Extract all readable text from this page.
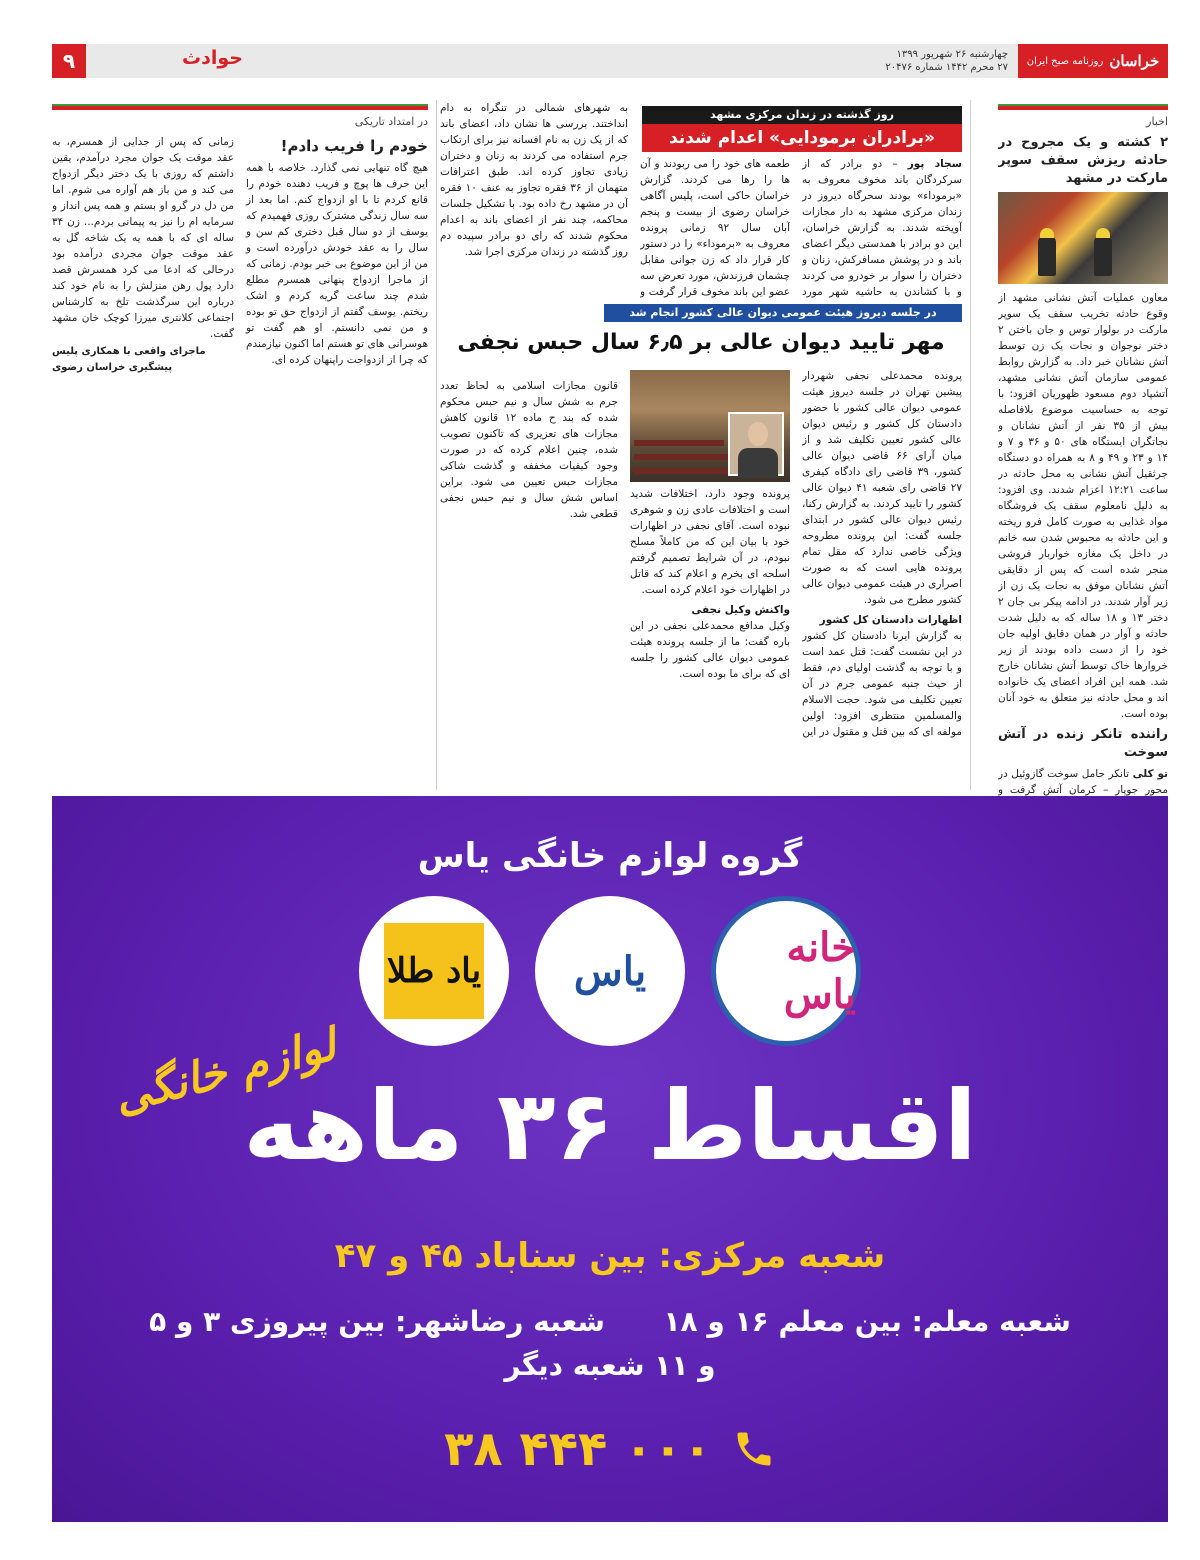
خراسان
روزنامه صبح ایران
چهارشنبه ۲۶ شهریور ۱۳۹۹
۲۷ محرم ۱۴۴۲ شماره ۲۰۴۷۶
حوادث
۹
اخبار
۲ کشته و یک مجروح در حادثه ریزش سقف سوپر مارکت در مشهد
معاون عملیات آتش نشانی مشهد از وقوع حادثه تخریب سقف یک سوپر مارکت در بولوار توس و جان باختن ۲ دختر نوجوان و نجات یک زن توسط آتش نشانان خبر داد. به گزارش روابط عمومی سازمان آتش نشانی مشهد، آتشپاد دوم مسعود ظهوریان افزود: با توجه به حساسیت موضوع بلافاصله بیش از ۳۵ نفر از آتش نشانان و نجاتگران ایستگاه های ۵۰ و ۳۶ و ۷ و ۱۴ و ۲۳ و ۴۹ و ۸ به همراه دو دستگاه جرثقیل آتش نشانی به محل حادثه در ساعت ۱۲:۲۱ اعزام شدند. وی افزود: به دلیل نامعلوم سقف یک فروشگاه مواد غذایی به صورت کامل فرو ریخته و این حادثه به محبوس شدن سه خانم در داخل یک مغازه خواربار فروشی منجر شده است که پس از دقایقی آتش نشانان موفق به نجات یک زن از زیر آوار شدند. در ادامه پیکر بی جان ۲ دختر ۱۳ و ۱۸ ساله که به دلیل شدت حادثه و آوار در همان دقایق اولیه جان خود را از دست داده بودند از زیر خروارها خاک توسط آتش نشانان خارج شد. همه این افراد اعضای یک خانواده اند و محل حادثه نیز متعلق به خود آنان بوده است.
راننده تانکر زنده در آتش سوخت
تو کلی تانکر حامل سوخت گازوئیل در محور جوپار – کرمان آتش گرفت و
روز گذشته در زندان مرکزی مشهد
«برادران برمودایی» اعدام شدند
سجاد پور – دو برادر که از سرکردگان باند مخوف معروف به «برموداء» بودند سحرگاه دیروز در زندان مرکزی مشهد به دار مجازات آویخته شدند. به گزارش خراسان، این دو برادر با همدستی دیگر اعضای باند و در پوشش مسافرکش، زنان و دختران را سوار بر خودرو می کردند و با کشاندن به حاشیه شهر مورد
طعمه های خود را می ربودند و آن ها را رها می کردند. گزارش خراسان حاکی است، پلیس آگاهی خراسان رضوی از بیست و پنجم آبان سال ۹۲ زمانی پرونده معروف به «برموداء» را در دستور کار قرار داد که زن جوانی مقابل چشمان فرزندش، مورد تعرض سه عضو این باند مخوف قرار گرفت و
به شهرهای شمالی در تنگراه به دام انداختند. بررسی ها نشان داد، اعضای باند که از یک زن به نام افسانه نیز برای ارتکاب جرم استفاده می کردند به زنان و دختران زیادی تجاوز کرده اند. طبق اعترافات متهمان از ۳۶ فقره تجاوز به عنف ۱۰ فقره آن در مشهد رخ داده بود. با تشکیل جلسات محاکمه، چند نفر از اعضای باند به اعدام محکوم شدند که رای دو برادر سپیده دم روز گذشته در زندان مرکزی اجرا شد.
در جلسه دیروز هیئت عمومی دیوان عالی کشور انجام شد
مهر تایید دیوان عالی بر ۶٫۵ سال حبس نجفی
پرونده محمدعلی نجفی شهردار پیشین تهران در جلسه دیروز هیئت عمومی دیوان عالی کشور با حضور دادستان کل کشور و رئیس دیوان عالی کشور تعیین تکلیف شد و از میان آرای ۶۶ قاضی دیوان عالی کشور، ۳۹ قاضی رای دادگاه کیفری ۲۷ قاضی رای شعبه ۴۱ دیوان عالی کشور را تایید کردند. به گزارش رکنا، رئیس دیوان عالی کشور در ابتدای جلسه گفت: این پرونده مطروحه ویژگی خاصی ندارد که مقل تمام پرونده هایی است که به صورت اصراری در هیئت عمومی دیوان عالی کشور مطرح می شود.
اظهارات دادستان کل کشور
به گزارش ایرنا دادستان کل کشور در این نشست گفت: قتل عمد است و با توجه به گذشت اولیای دم، فقط از حیث جنبه عمومی جرم در آن تعیین تکلیف می شود. حجت الاسلام والمسلمین منتظری افزود: اولین مولفه ای که بین قتل و مقتول در این
پرونده وجود دارد، اختلافات شدید است و اختلافات عادی زن و شوهری نبوده است. آقای نجفی در اظهارات خود با بیان این که من کاملاً مسلح نبودم، در آن شرایط تصمیم گرفتم اسلحه ای بخرم و اعلام کند که قاتل در اظهارات خود اعلام کرده است.
واکنش وکیل نجفی
وکیل مدافع محمدعلی نجفی در این باره گفت: ما از جلسه پرونده هیئت عمومی دیوان عالی کشور را جلسه ای که برای ما بوده است.
قانون مجازات اسلامی به لحاظ تعدد جرم به شش سال و نیم حبس محکوم شده که بند ح ماده ۱۲ قانون کاهش مجازات های تعزیری که تاکنون تصویب شده، چنین اعلام کرده که در صورت وجود کیفیات مخففه و گذشت شاکی مجازات حبس تعیین می شود. براین اساس شش سال و نیم حبس نجفی قطعی شد.
در امتداد تاریکی
خودم را فریب دادم!
هیچ گاه تنهایی نمی گذارد. خلاصه با همه این حرف ها پوچ و فریب دهنده خودم را قانع کردم تا با او ازدواج کنم. اما بعد از سه سال زندگی مشترک روزی فهمیدم که یوسف از دو سال قبل دختری کم سن و سال را به عقد خودش درآورده است و من از این موضوع بی خبر بودم. زمانی که از ماجرا ازدواج پنهانی همسرم مطلع شدم چند ساعت گریه کردم و اشک ریختم. یوسف گفتم از ازدواج حق تو بوده و من نمی دانستم. او هم گفت تو هوسرانی های تو هستم اما اکنون نیازمندم که چرا از ازدواجت راپنهان کرده ای.
زمانی که پس از جدایی از همسرم، به عقد موقت یک جوان مجرد درآمدم، یقین داشتم که روزی با یک دختر دیگر ازدواج می کند و من باز هم آواره می شوم. اما من دل در گرو او بستم و همه پس انداز و سرمایه ام را نیز به پیمانی بردم... زن ۳۴ ساله ای که با همه یه یک شاخه گل به عقد موقت جوان مجردی درآمده بود درحالی که ادعا می کرد همسرش قصد دارد پول رهن منزلش را به نام خود کند درباره این سرگذشت تلخ به کارشناس اجتماعی کلانتری میرزا کوچک خان مشهد گفت.
ماجرای واقعی با همکاری پلیس پیشگیری خراسان رضوی
گروه لوازم خانگی یاس
خانه یاس
یاس
یاد طلا
لوازم خانگی
اقساط ۳۶ ماهه
شعبه مرکزی: بین سناباد ۴۵ و ۴۷
شعبه معلم: بین معلم ۱۶ و ۱۸      شعبه رضاشهر: بین پیروزی ۳ و ۵
و ۱۱ شعبه دیگر
۳۸ ۴۴۴ ۰۰۰
